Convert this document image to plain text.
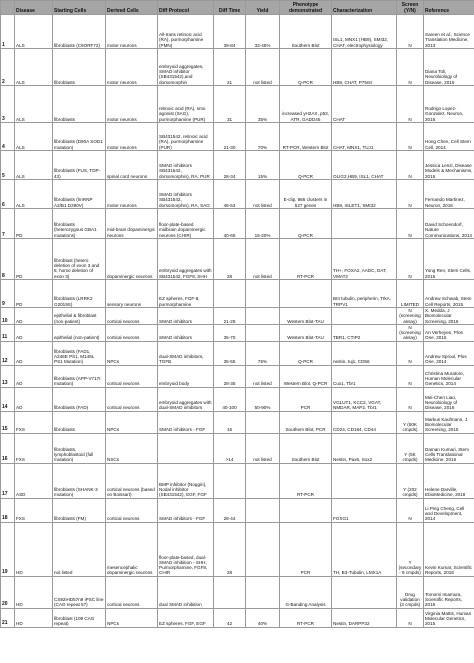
	Disease	Starting Cells	Derived Cells	Diff Protocol	Diff Time	Yield	Phenotype demonstrated	Characterization	Screen (Y/N)	Reference
1	ALS	fibroblasts (C9ORF72)	motor neurons	All-trans retinoic acid (RA), purmorphamine (PMN)	39-84	33-45%	Southern Blot	ISL1, MNX1 (HB9), SMI32, CHAT, electrophysiology	N	Sareen et al., Science Translation Medicine, 2013
2	ALS	fibroblasts	motor neurons	embryoid aggregates, SMAD inhibitor (SB431542),and dorsomorphin	21	not listed	Q-PCR	HB9, CHAT, P75ntr	N	Diana Toli, Neurobiology of Disease, 2015
3	ALS	fibroblasts	motor neurons	retinoic acid (RA), smo agonist (SAG), purmorphamine (PUR)	31	35%	increased yH2AX, p53, ATR, GADD45	CHAT	N	Rodrigo Lopez-Gonzalez, Neuron, 2016
4	ALS	fibroblasts (D90A SOD1 mutation)	motor neurons	SB431542, retinoic acid (RA), purmorphamine (PUR)	21-30	70%	RT-PCR, Western Blot	CHAT, MNX1, TUJ1	N	Hong Chen, Cell Stem Cell, 2014
5	ALS	fibroblasts (FUS, TDP-43)	spinal cord neurons	SMAD inhibitors SB431542, dorsomorphin), RA, PUR	28-34	15%	Q-PCR	OLIG2,HB9, ISL1, CHAT	N	Jessica Lenzi, Disease Models & Mechanisms, 2015
6	ALS	fibroblasts (hnRNP A2/B1 D290V)	motor neurons	SMAD inhibitors SB431542, dorsomorphin), RA, SAG	46-53	not listed	E-clip, 866 clusters in 527 genes	HB9, ISLET1, SMI32	N	Fernando Martinez, Neuron, 2016
7	PD	fibroblasts (heterozygous GBA1 mutations)	mid-brain dopaminergic neurons	floor-plate-based midbrain dopaminergic neurons (CHIR)	40-65	15-20%	Q-PCR		N	David Schoendorf, Nature Communications, 2014
8	PD	fibroblast (hetero deletion of exon 3 and 5, homo deletion of exon 3)	dopaminergic neurons	embryoid aggregates with SB431542, FGF8, SHH	28	not listed	RT-PCR	TH+, FOXA2, AADC, DAT, VMAT2	N	Yong Ren, Stem Cells, 2015
9	PD	fibroblasts (LRRK2 G2019S)	sensory neurons	EZ spheres, FGF-8, purmorphamine				BIII tubulin, peripherin, TrkA, TRPV1	LIMITED	Andrew Schwab, Stem Cell Reports, 2015
10	AD	epithelial & fibroblast (non-patient)	cortical neurons	SMAD inhibitors	21-28		Western Blot-TAU		N (screening assay)	X. Medda, J Biomolecular Screening, 2016
11	AD	epithelial (non-patient)	cortical neurons	SMAD inhibitors	35-70		Western Blot-TAU	TBR1, CTIP2	N (screening assay)	An Verheyen, Plos One, 2015
12	AD	fibroblasts (FAD1, A246E PS1, M146L PS1 Mutation)	NPCs	dual-SMAD inhibitors, TGFB	35-55	75%	Q-PCR	nestin, tuj1, CD56	N	Andrew Sproul, Plos One, 2014
13	AD	fibroblasts (APP-V717I mutation)	cortical neurons	embryoid body	28-35	not listed	Western Blot, Q-PCR	Cux1, Tbr1	N	Christina Muratore, Human Molecular Genetics, 2014
14	AD	fibroblasts (FAD)	cortical neurons	embryoid aggregates with dual-SMAD inhibitors	40-100	50-90%	PCR	VGLUT1, KCC2, VGAT, NMDAR, MAP2, Tbr1	N	Mei-Chen Liao, Neurobiology of Disease, 2016
15	FXS	fibroblasts	NPCs	SMAD inhibitors - FGF	16		Southern Blot, PCR	CD24, CD184, CD44	Y (50K cmpds)	Markus Kaufmann, J Biomolecular Screening, 2015
16	FXS	fibroblasts, lymphoblastoid (full mutation)	NSCs		>14	not listed	Southern Blot	Nestin, Pax6, Sox2	Y (5K cmpds)	Daman Kumari, Stem Cells Translational Medicine, 2015
17	ASD	fibroblasts (SHANK-3 mutation)	cortical neurons (based on Boissart)	BMP inhibitor (Noggin), Nodal inhibitor (SB431542), EGF, FGF			RT-PCR		Y (202 cmpds)	Helene Darville, EbioMedicine, 2016
18	FXS	fibroblasts (FM)	cortical neurons	SMAD inhibitors - FGF	28-44			FOXG1	N	Li Ping Cheng, Cell and Development, 2014
19	HD	not listed	mesencephalic dopaminergic neurons	floor-plate-based, dual-SMAD inhibition - SHH, Purmorphamine, FGF8, CHIR	28		PCR	TH, B3-Tubulin, LMX1A	Y (secondary - 9 cmpds)	Kevin Kumar, Scientific Reports, 2016
20	HD	CS92iHD57n9 iPSC line (CAG repeat 57)	cortical neurons	dual SMAD inhibition			G-Banding Analysis		Drug validation (3 cmpds)	Tomomi Imamura, Scientific Reports, 2016
21	HD	fibroblast (109 CAG repeat)	NPCs	EZ spheres, FGF, EGF	42	40%	RT-PCR	Nestin, DARPP32	N	Virginia Mattis, Human Molecular Genetics, 2015
